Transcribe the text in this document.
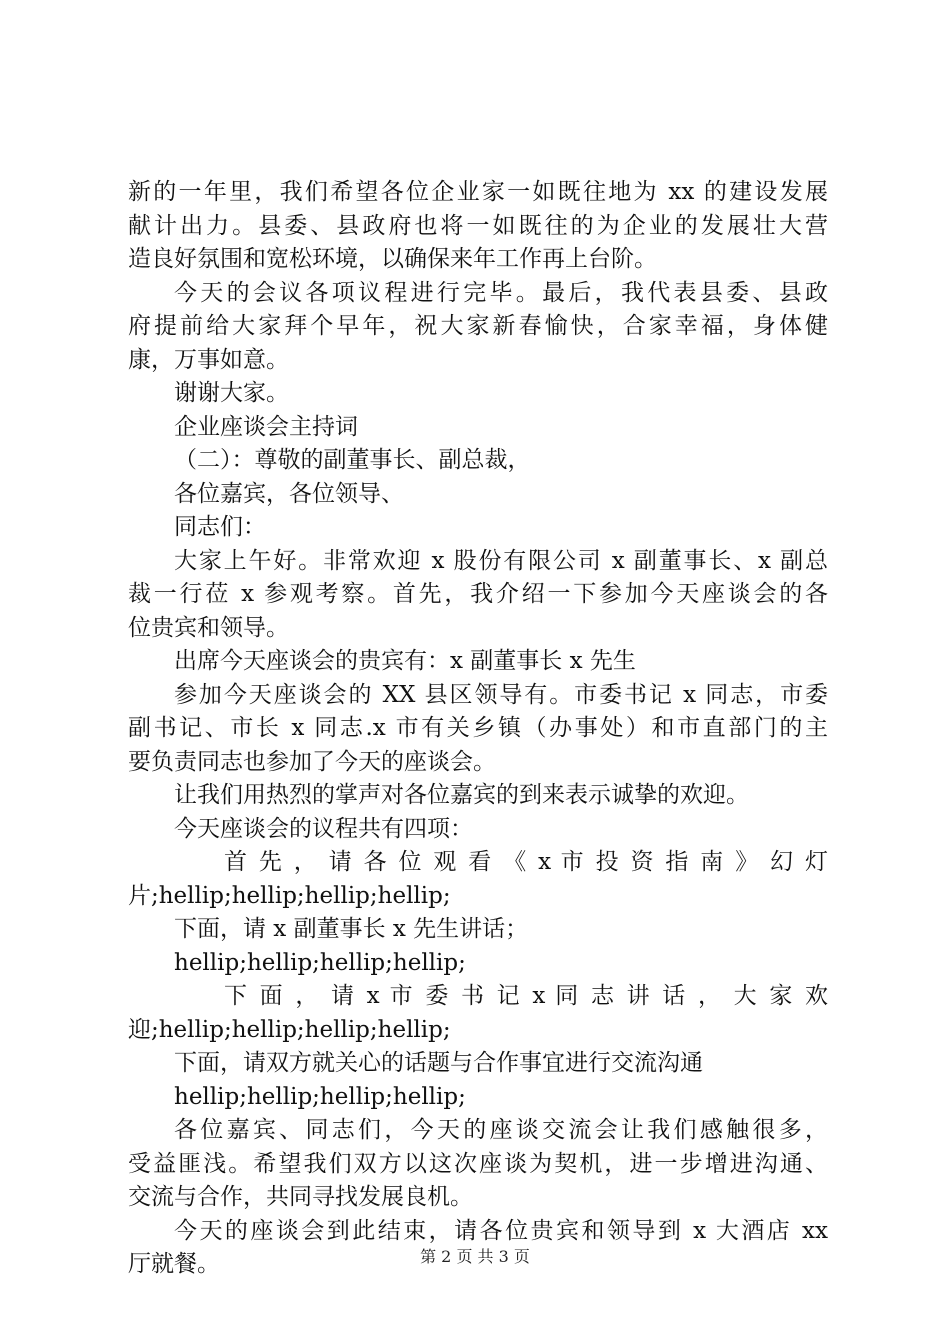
新的一年里，我们希望各位企业家一如既往地为 xx 的建设发展
献计出力。县委、县政府也将一如既往的为企业的发展壮大营
造良好氛围和宽松环境，以确保来年工作再上台阶。
今天的会议各项议程进行完毕。最后，我代表县委、县政
府提前给大家拜个早年，祝大家新春愉快，合家幸福，身体健
康，万事如意。
谢谢大家。
企业座谈会主持词
（二）：尊敬的副董事长、副总裁，
各位嘉宾，各位领导、
同志们：
大家上午好。非常欢迎 x 股份有限公司 x 副董事长、x 副总
裁一行莅 x 参观考察。首先，我介绍一下参加今天座谈会的各
位贵宾和领导。
出席今天座谈会的贵宾有：x 副董事长 x 先生
参加今天座谈会的 XX 县区领导有。市委书记 x 同志，市委
副书记、市长 x 同志.x 市有关乡镇（办事处）和市直部门的主
要负责同志也参加了今天的座谈会。
让我们用热烈的掌声对各位嘉宾的到来表示诚挚的欢迎。
今天座谈会的议程共有四项：
首 先 ， 请 各 位 观 看 《 x 市 投 资 指 南 》 幻 灯
片;hellip;hellip;hellip;hellip;
下面，请 x 副董事长 x 先生讲话；
hellip;hellip;hellip;hellip;
下 面 ， 请 x 市 委 书 记 x 同 志 讲 话 ， 大 家 欢
迎;hellip;hellip;hellip;hellip;
下面，请双方就关心的话题与合作事宜进行交流沟通
hellip;hellip;hellip;hellip;
各位嘉宾、同志们，今天的座谈交流会让我们感触很多，
受益匪浅。希望我们双方以这次座谈为契机，进一步增进沟通、
交流与合作，共同寻找发展良机。
今天的座谈会到此结束，请各位贵宾和领导到 x 大酒店 xx
厅就餐。	第 2 页 共 3 页
